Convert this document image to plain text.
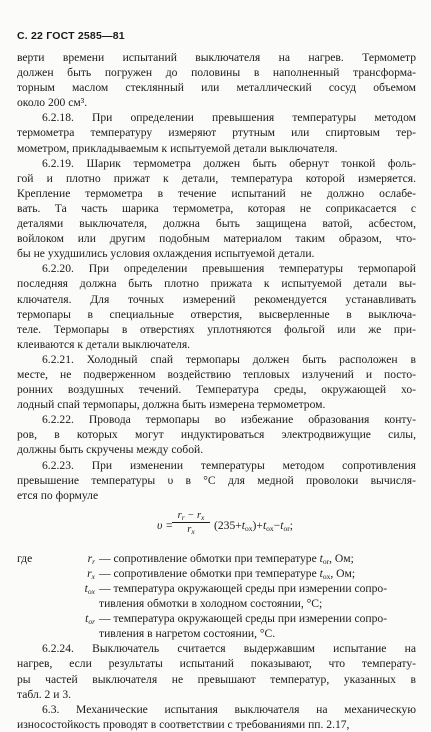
С. 22 ГОСТ 2585—81
верти времени испытаний выключателя на нагрев. Термометр
должен быть погружен до половины в наполненный трансформа-
торным маслом стеклянный или металлический сосуд объемом
около 200 см³.
6.2.18. При определении превышения температуры методом
термометра температуру измеряют ртутным или спиртовым тер-
мометром, прикладываемым к испытуемой детали выключателя.
6.2.19. Шарик термометра должен быть обернут тонкой фоль-
гой и плотно прижат к детали, температура которой измеряется.
Крепление термометра в течение испытаний не должно ослабе-
вать. Та часть шарика термометра, которая не соприкасается с
деталями выключателя, должна быть защищена ватой, асбестом,
войлоком или другим подобным материалом таким образом, что-
бы не ухудшились условия охлаждения испытуемой детали.
6.2.20. При определении превышения температуры термопарой
последняя должна быть плотно прижата к испытуемой детали вы-
ключателя. Для точных измерений рекомендуется устанавливать
термопары в специальные отверстия, высверленные в выключа-
теле. Термопары в отверстиях уплотняются фольгой или же при-
клеиваются к детали выключателя.
6.2.21. Холодный спай термопары должен быть расположен в
месте, не подверженном воздействию тепловых излучений и посто-
ронних воздушных течений. Температура среды, окружающей хо-
лодный спай термопары, должна быть измерена термометром.
6.2.22. Провода термопары во избежание образования конту-
ров, в которых могут индуктироваться электродвижущие силы,
должны быть скручены между собой.
6.2.23. При изменении температуры методом сопротивления
превышение температуры υ в °С для медной проволоки вычисля-
ется по формуле
υ =
$\frac{r_r - r_x}{r_x} (235+t_{ox})+t_{ox}-t_{or}$;
где	$r_r$ — сопротивление обмотки при температуре $t_{or}$, Ом;
$r_x$ — сопротивление обмотки при температуре $t_{ox}$, Ом;
$t_{ox}$ — температура окружающей среды при измерении сопро-
тивления обмотки в холодном состоянии, °С;
$t_{or}$ — температура окружающей среды при измерении сопро-
тивления в нагретом состоянии, °С.
6.2.24. Выключатель считается выдержавшим испытание на
нагрев, если результаты испытаний показывают, что температу-
ры частей выключателя не превышают температур, указанных в
табл. 2 и 3.
6.3. Механические испытания выключателя на механическую
износостойкость проводят в соответствии с требованиями пп. 2.17,
